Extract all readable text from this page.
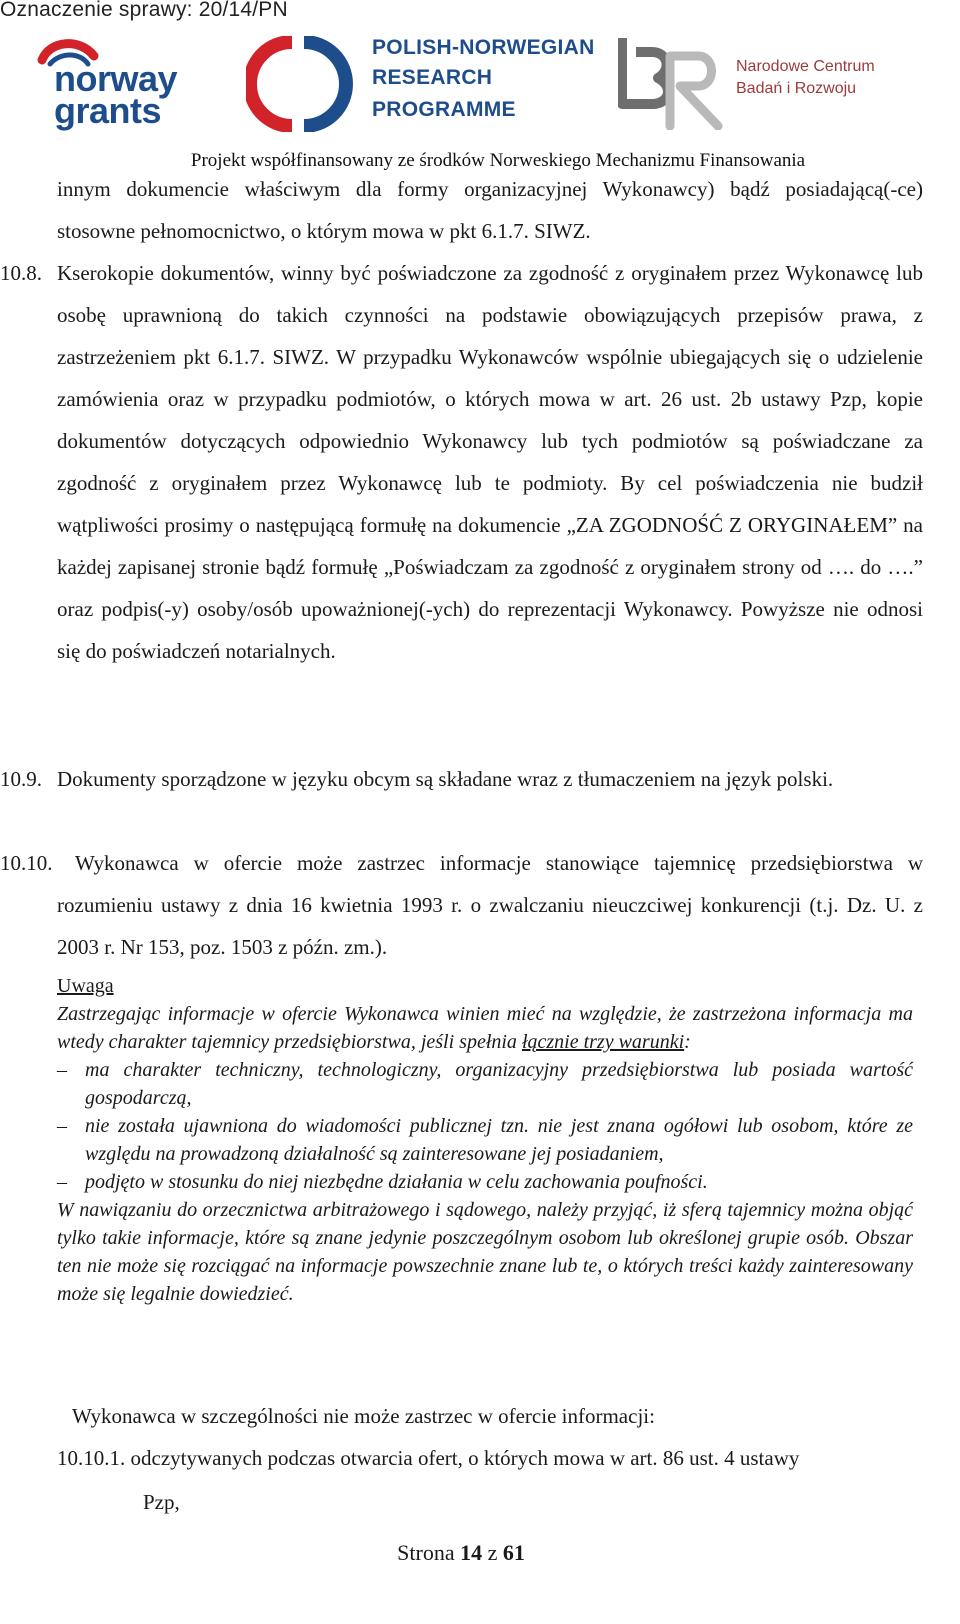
Oznaczenie sprawy: 20/14/PN
norway
grants
POLISH-NORWEGIAN
RESEARCH
PROGRAMME
Narodowe Centrum
Badań i Rozwoju
Projekt współfinansowany ze środków Norweskiego Mechanizmu Finansowania

innym dokumencie właściwym dla formy organizacyjnej Wykonawcy) bądź posiadającą(-ce) stosowne pełnomocnictwo, o którym mowa w pkt 6.1.7. SIWZ.

10.8. Kserokopie dokumentów, winny być poświadczone za zgodność z oryginałem przez Wykonawcę lub osobę uprawnioną do takich czynności na podstawie obowiązujących przepisów prawa, z zastrzeżeniem pkt 6.1.7. SIWZ. W przypadku Wykonawców wspólnie ubiegających się o udzielenie zamówienia oraz w przypadku podmiotów, o których mowa w art. 26 ust. 2b ustawy Pzp, kopie dokumentów dotyczących odpowiednio Wykonawcy lub tych podmiotów są poświadczane za zgodność z oryginałem przez Wykonawcę lub te podmioty. By cel poświadczenia nie budził wątpliwości prosimy o następującą formułę na dokumencie „ZA ZGODNOŚĆ Z ORYGINAŁEM” na każdej zapisanej stronie bądź formułę „Poświadczam za zgodność z oryginałem strony od …. do ….” oraz podpis(-y) osoby/osób upoważnionej(-ych) do reprezentacji Wykonawcy. Powyższe nie odnosi się do poświadczeń notarialnych.
10.9. Dokumenty sporządzone w języku obcym są składane wraz z tłumaczeniem na język polski.
10.10.	Wykonawca w ofercie może zastrzec informacje stanowiące tajemnicę przedsiębiorstwa w rozumieniu ustawy z dnia 16 kwietnia 1993 r. o zwalczaniu nieuczciwej konkurencji (t.j. Dz. U. z 2003 r. Nr 153, poz. 1503 z późn. zm.).
Uwaga

Zastrzegając informacje w ofercie Wykonawca winien mieć na względzie, że zastrzeżona informacja ma wtedy charakter tajemnicy przedsiębiorstwa, jeśli spełnia łącznie trzy warunki:

– ma charakter techniczny, technologiczny, organizacyjny przedsiębiorstwa lub posiada wartość gospodarczą,
– nie została ujawniona do wiadomości publicznej tzn. nie jest znana ogółowi lub osobom, które ze względu na prowadzoną działalność są zainteresowane jej posiadaniem,
– podjęto w stosunku do niej niezbędne działania w celu zachowania poufności.

W nawiązaniu do orzecznictwa arbitrażowego i sądowego, należy przyjąć, iż sferą tajemnicy można objąć tylko takie informacje, które są znane jedynie poszczególnym osobom lub określonej grupie osób. Obszar ten nie może się rozciągać na informacje powszechnie znane lub te, o których treści każdy zainteresowany może się legalnie dowiedzieć.

Wykonawca w szczególności nie może zastrzec w ofercie informacji:
10.10.1. odczytywanych podczas otwarcia ofert, o których mowa w art. 86 ust. 4 ustawy
Pzp,
Strona 14 z 61
